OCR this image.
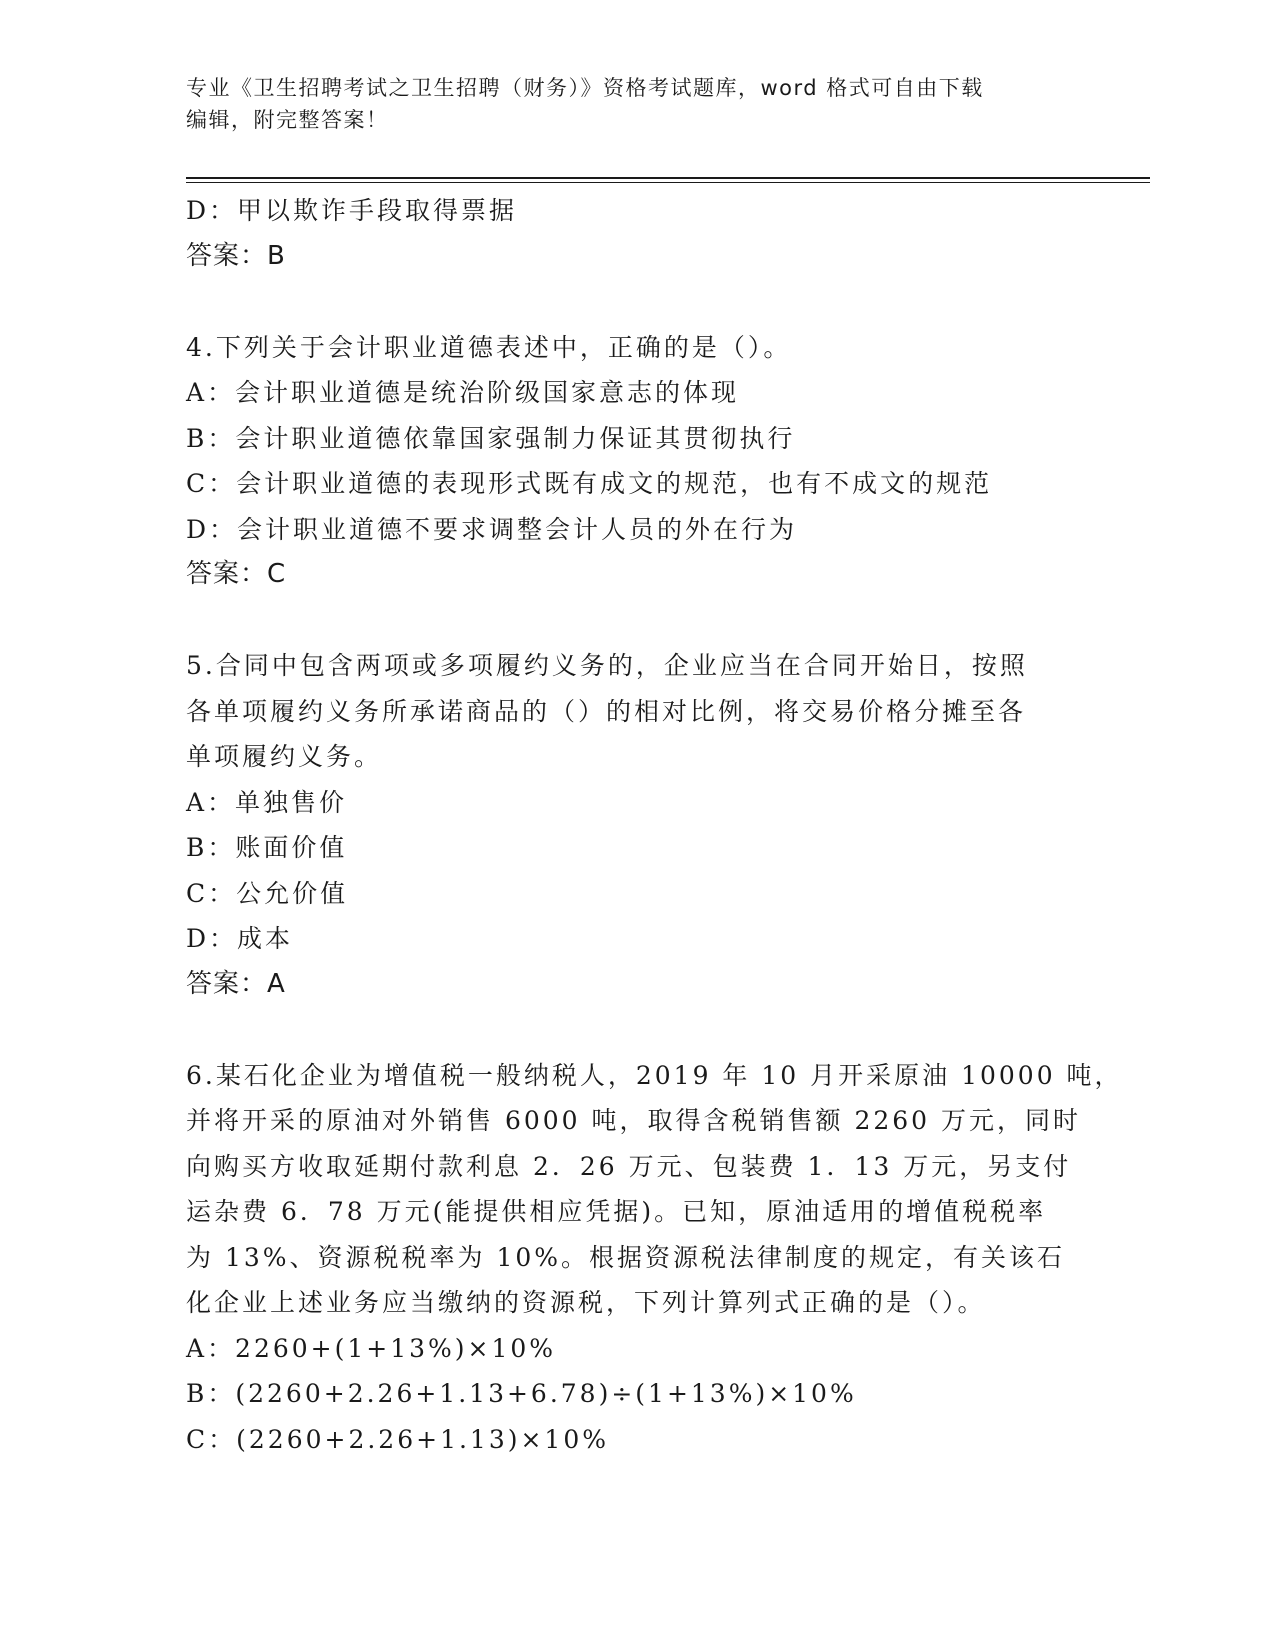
专业《卫生招聘考试之卫生招聘（财务）》资格考试题库，word 格式可自由下载
编辑，附完整答案！
D：甲以欺诈手段取得票据
答案：B
4.下列关于会计职业道德表述中，正确的是（）。
A：会计职业道德是统治阶级国家意志的体现
B：会计职业道德依靠国家强制力保证其贯彻执行
C：会计职业道德的表现形式既有成文的规范，也有不成文的规范
D：会计职业道德不要求调整会计人员的外在行为
答案：C
5.合同中包含两项或多项履约义务的，企业应当在合同开始日，按照
各单项履约义务所承诺商品的（）的相对比例，将交易价格分摊至各
单项履约义务。
A：单独售价
B：账面价值
C：公允价值
D：成本
答案：A
6.某石化企业为增值税一般纳税人，2019 年 10 月开采原油 10000 吨，
并将开采的原油对外销售 6000 吨，取得含税销售额 2260 万元，同时
向购买方收取延期付款利息 2．26 万元、包装费 1．13 万元，另支付
运杂费 6．78 万元(能提供相应凭据)。已知，原油适用的增值税税率
为 13%、资源税税率为 10%。根据资源税法律制度的规定，有关该石
化企业上述业务应当缴纳的资源税，下列计算列式正确的是（）。
A：2260+(1+13%)×10%
B：(2260+2.26+1.13+6.78)÷(1+13%)×10%
C：(2260+2.26+1.13)×10%
